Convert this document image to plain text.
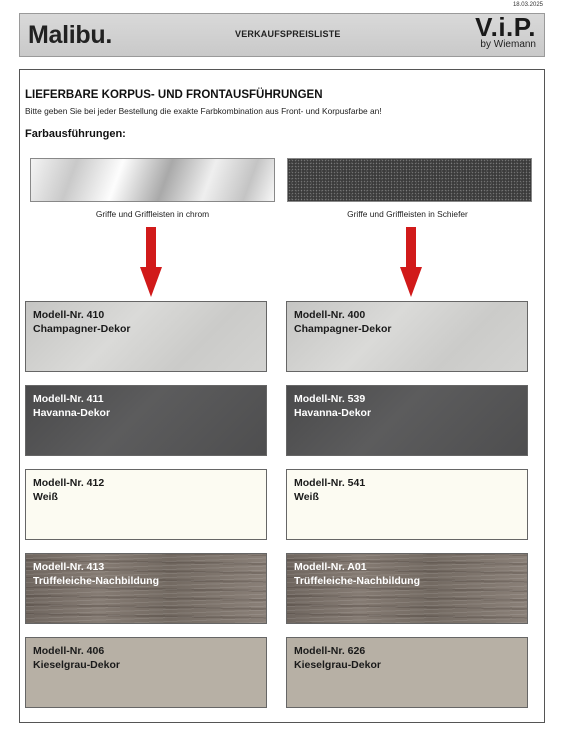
18.03.2025
Malibu.	VERKAUFSPREISLISTE	V.i.P.
by Wiemann
LIEFERBARE KORPUS- UND FRONTAUSFÜHRUNGEN
Bitte geben Sie bei jeder Bestellung die exakte Farbkombination aus Front- und Korpusfarbe an!
Farbausführungen:
Griffe und Griffleisten in chrom	Griffe und Griffleisten in Schiefer
Modell-Nr. 410
Champagner-Dekor
Modell-Nr. 411
Havanna-Dekor
Modell-Nr. 412
Weiß
Modell-Nr. 413
Trüffeleiche-Nachbildung
Modell-Nr. 406
Kieselgrau-Dekor
Modell-Nr. 400
Champagner-Dekor
Modell-Nr. 539
Havanna-Dekor
Modell-Nr. 541
Weiß
Modell-Nr. A01
Trüffeleiche-Nachbildung
Modell-Nr. 626
Kieselgrau-Dekor
